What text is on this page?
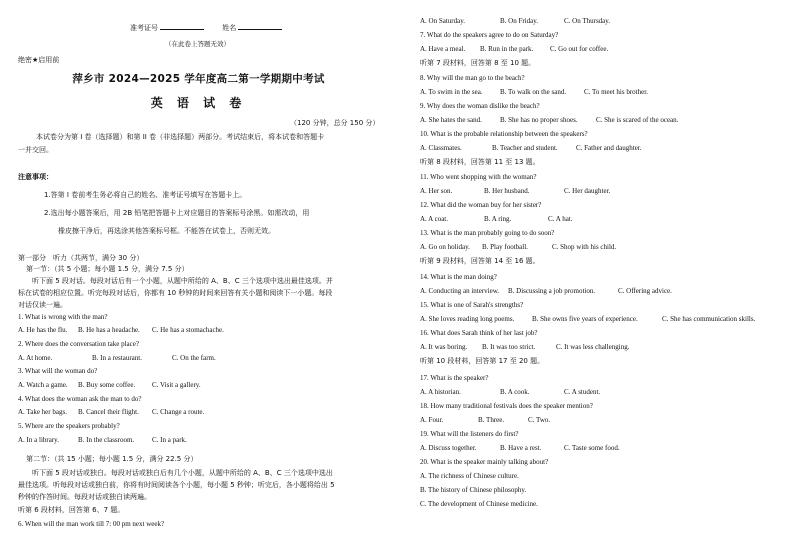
准考证号	姓名
（在此卷上答题无效）
绝密★启用前
萍乡市 2024—2025 学年度高二第一学期期中考试
英 语 试 卷
（120 分钟，总分 150 分）
本试卷分为第 I 卷（选择题）和第 II 卷（非选择题）两部分。考试结束后，将本试卷和答题卡
一并交回。
注意事项：
1.答第 I 卷前考生务必将自己的姓名、准考证号填写在答题卡上。
2.选出每小题答案后，用 2B 铅笔把答题卡上对应题目的答案标号涂黑。如需改动，用
橡皮擦干净后，再选涂其他答案标号框。不能答在试卷上，否则无效。
第一部分　听力（共两节，满分 30 分）
第一节：（共 5 小题；每小题 1.5 分，满分 7.5 分）
听下面 5 段对话。每段对话后有一个小题，从题中所给的 A、B、C 三个选项中选出最佳选项。并
标在试卷的相应位置。听完每段对话后，你都有 10 秒钟的时间来回答有关小题和阅读下一小题。每段
对话仅读一遍。
1. What is wrong with the man?
A. He has the flu. B. He has a headache. C. He has a stomachache.
2. Where does the conversation take place?
A. At home.	B. In a restaurant.	C. On the farm.
3. What will the woman do?
A. Watch a game. B. Buy some coffee. C. Visit a gallery.
4. What does the woman ask the man to do?
A. Take her bags. B. Cancel their flight. C. Change a route.
5. Where are the speakers probably?
A. In a library.	B. In the classroom.	C. In a park.
第二节：（共 15 小题；每小题 1.5 分，满分 22.5 分）
听下面 5 段对话或独白。每段对话或独白后有几个小题，从题中所给的 A、B、C 三个选项中选出
最佳选项。听每段对话或独白前，你将有时间阅读各个小题，每小题 5 秒钟；听完后，各小题将给出 5
秒钟的作答时间。每段对话或独白读两遍。
听第 6 段材料，回答第 6、7 题。
6. When will the man work till 7: 00 pm next week?
A. On Saturday.	B. On Friday.	C. On Thursday.
7. What do the speakers agree to do on Saturday?
A. Have a meal. B. Run in the park. C. Go out for coffee.
听第 7 段材料，回答第 8 至 10 题。
8. Why will the man go to the beach?
A. To swim in the sea. B. To walk on the sand.	C. To meet his brother.
9. Why does the woman dislike the beach?
A. She hates the sand.	B. She has no proper shoes.	C. She is scared of the ocean.
10. What is the probable relationship between the speakers?
A. Classmates.	B. Teacher and student.	C. Father and daughter.
听第 8 段材料，回答第 11 至 13 题。
11. Who went shopping with the woman?
A. Her son.	B. Her husband.	C. Her daughter.
12. What did the woman buy for her sister?
A. A coat.	B. A ring.	C. A hat.
13. What is the man probably going to do soon?
A. Go on holiday. B. Play football.	C. Shop with his child.
听第 9 段材料，回答第 14 至 16 题。
14. What is the man doing?
A. Conducting an interview. B. Discussing a job promotion.	C. Offering advice.
15. What is one of Sarah's strengths?
A. She loves reading long poems.	B. She owns five years of experience.	C. She has communication skills.
16. What does Sarah think of her last job?
A. It was boring. B. It was too strict.	C. It was less challenging.
听第 10 段材料，回答第 17 至 20 题。
17. What is the speaker?
A. A historian.	B. A cook.	C. A student.
18. How many traditional festivals does the speaker mention?
A. Four.	B. Three.	C. Two.
19. What will the listeners do first?
A. Discuss together.	B. Have a rest.	C. Taste some food.
20. What is the speaker mainly talking about?
A. The richness of Chinese culture.
B. The history of Chinese philosophy.
C. The development of Chinese medicine.
